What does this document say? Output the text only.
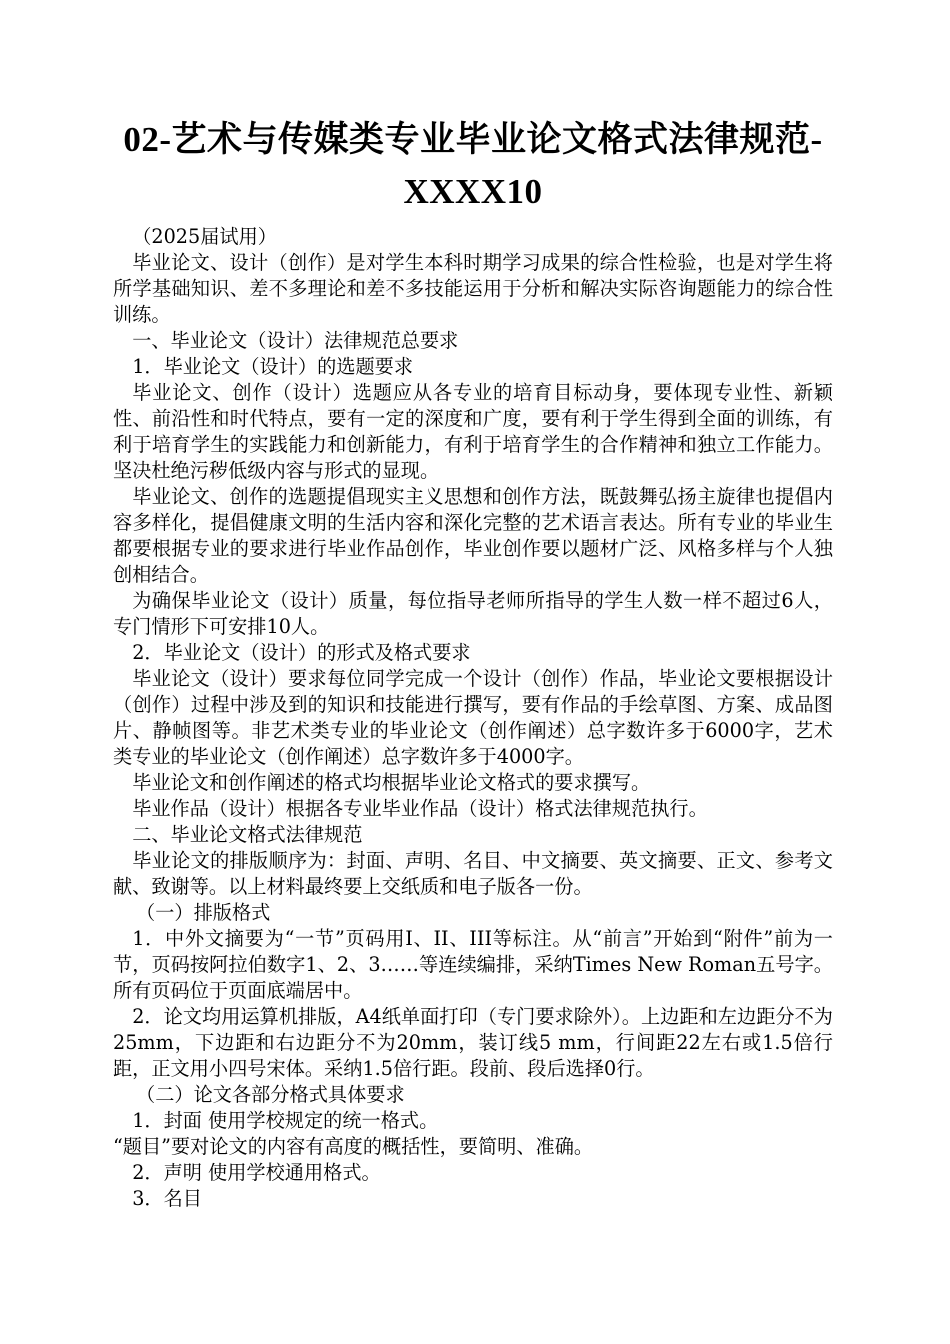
02-艺术与传媒类专业毕业论文格式法律规范-XXXX10

（2025届试用）

毕业论文、设计（创作）是对学生本科时期学习成果的综合性检验，也是对学生将所学基础知识、差不多理论和差不多技能运用于分析和解决实际咨询题能力的综合性训练。

一、毕业论文（设计）法律规范总要求

1．毕业论文（设计）的选题要求

毕业论文、创作（设计）选题应从各专业的培育目标动身，要体现专业性、新颖性、前沿性和时代特点，要有一定的深度和广度，要有利于学生得到全面的训练，有利于培育学生的实践能力和创新能力，有利于培育学生的合作精神和独立工作能力。坚决杜绝污秽低级内容与形式的显现。

毕业论文、创作的选题提倡现实主义思想和创作方法，既鼓舞弘扬主旋律也提倡内容多样化，提倡健康文明的生活内容和深化完整的艺术语言表达。所有专业的毕业生都要根据专业的要求进行毕业作品创作，毕业创作要以题材广泛、风格多样与个人独创相结合。

为确保毕业论文（设计）质量，每位指导老师所指导的学生人数一样不超过6人，专门情形下可安排10人。

2．毕业论文（设计）的形式及格式要求

毕业论文（设计）要求每位同学完成一个设计（创作）作品，毕业论文要根据设计（创作）过程中涉及到的知识和技能进行撰写，要有作品的手绘草图、方案、成品图片、静帧图等。非艺术类专业的毕业论文（创作阐述）总字数许多于6000字，艺术类专业的毕业论文（创作阐述）总字数许多于4000字。

毕业论文和创作阐述的格式均根据毕业论文格式的要求撰写。

毕业作品（设计）根据各专业毕业作品（设计）格式法律规范执行。

二、毕业论文格式法律规范

毕业论文的排版顺序为：封面、声明、名目、中文摘要、英文摘要、正文、参考文献、致谢等。以上材料最终要上交纸质和电子版各一份。

（一）排版格式

1．中外文摘要为“一节”页码用I、II、III等标注。从“前言”开始到“附件”前为一节，页码按阿拉伯数字1、2、3……等连续编排，采纳Times New Roman五号字。所有页码位于页面底端居中。

2．论文均用运算机排版，A4纸单面打印（专门要求除外）。上边距和左边距分不为25mm，下边距和右边距分不为20mm，装订线5 mm，行间距22左右或1.5倍行距，正文用小四号宋体。采纳1.5倍行距。段前、段后选择0行。

（二）论文各部分格式具体要求

1．封面 使用学校规定的统一格式。

“题目”要对论文的内容有高度的概括性，要简明、准确。

2．声明 使用学校通用格式。

3．名目
